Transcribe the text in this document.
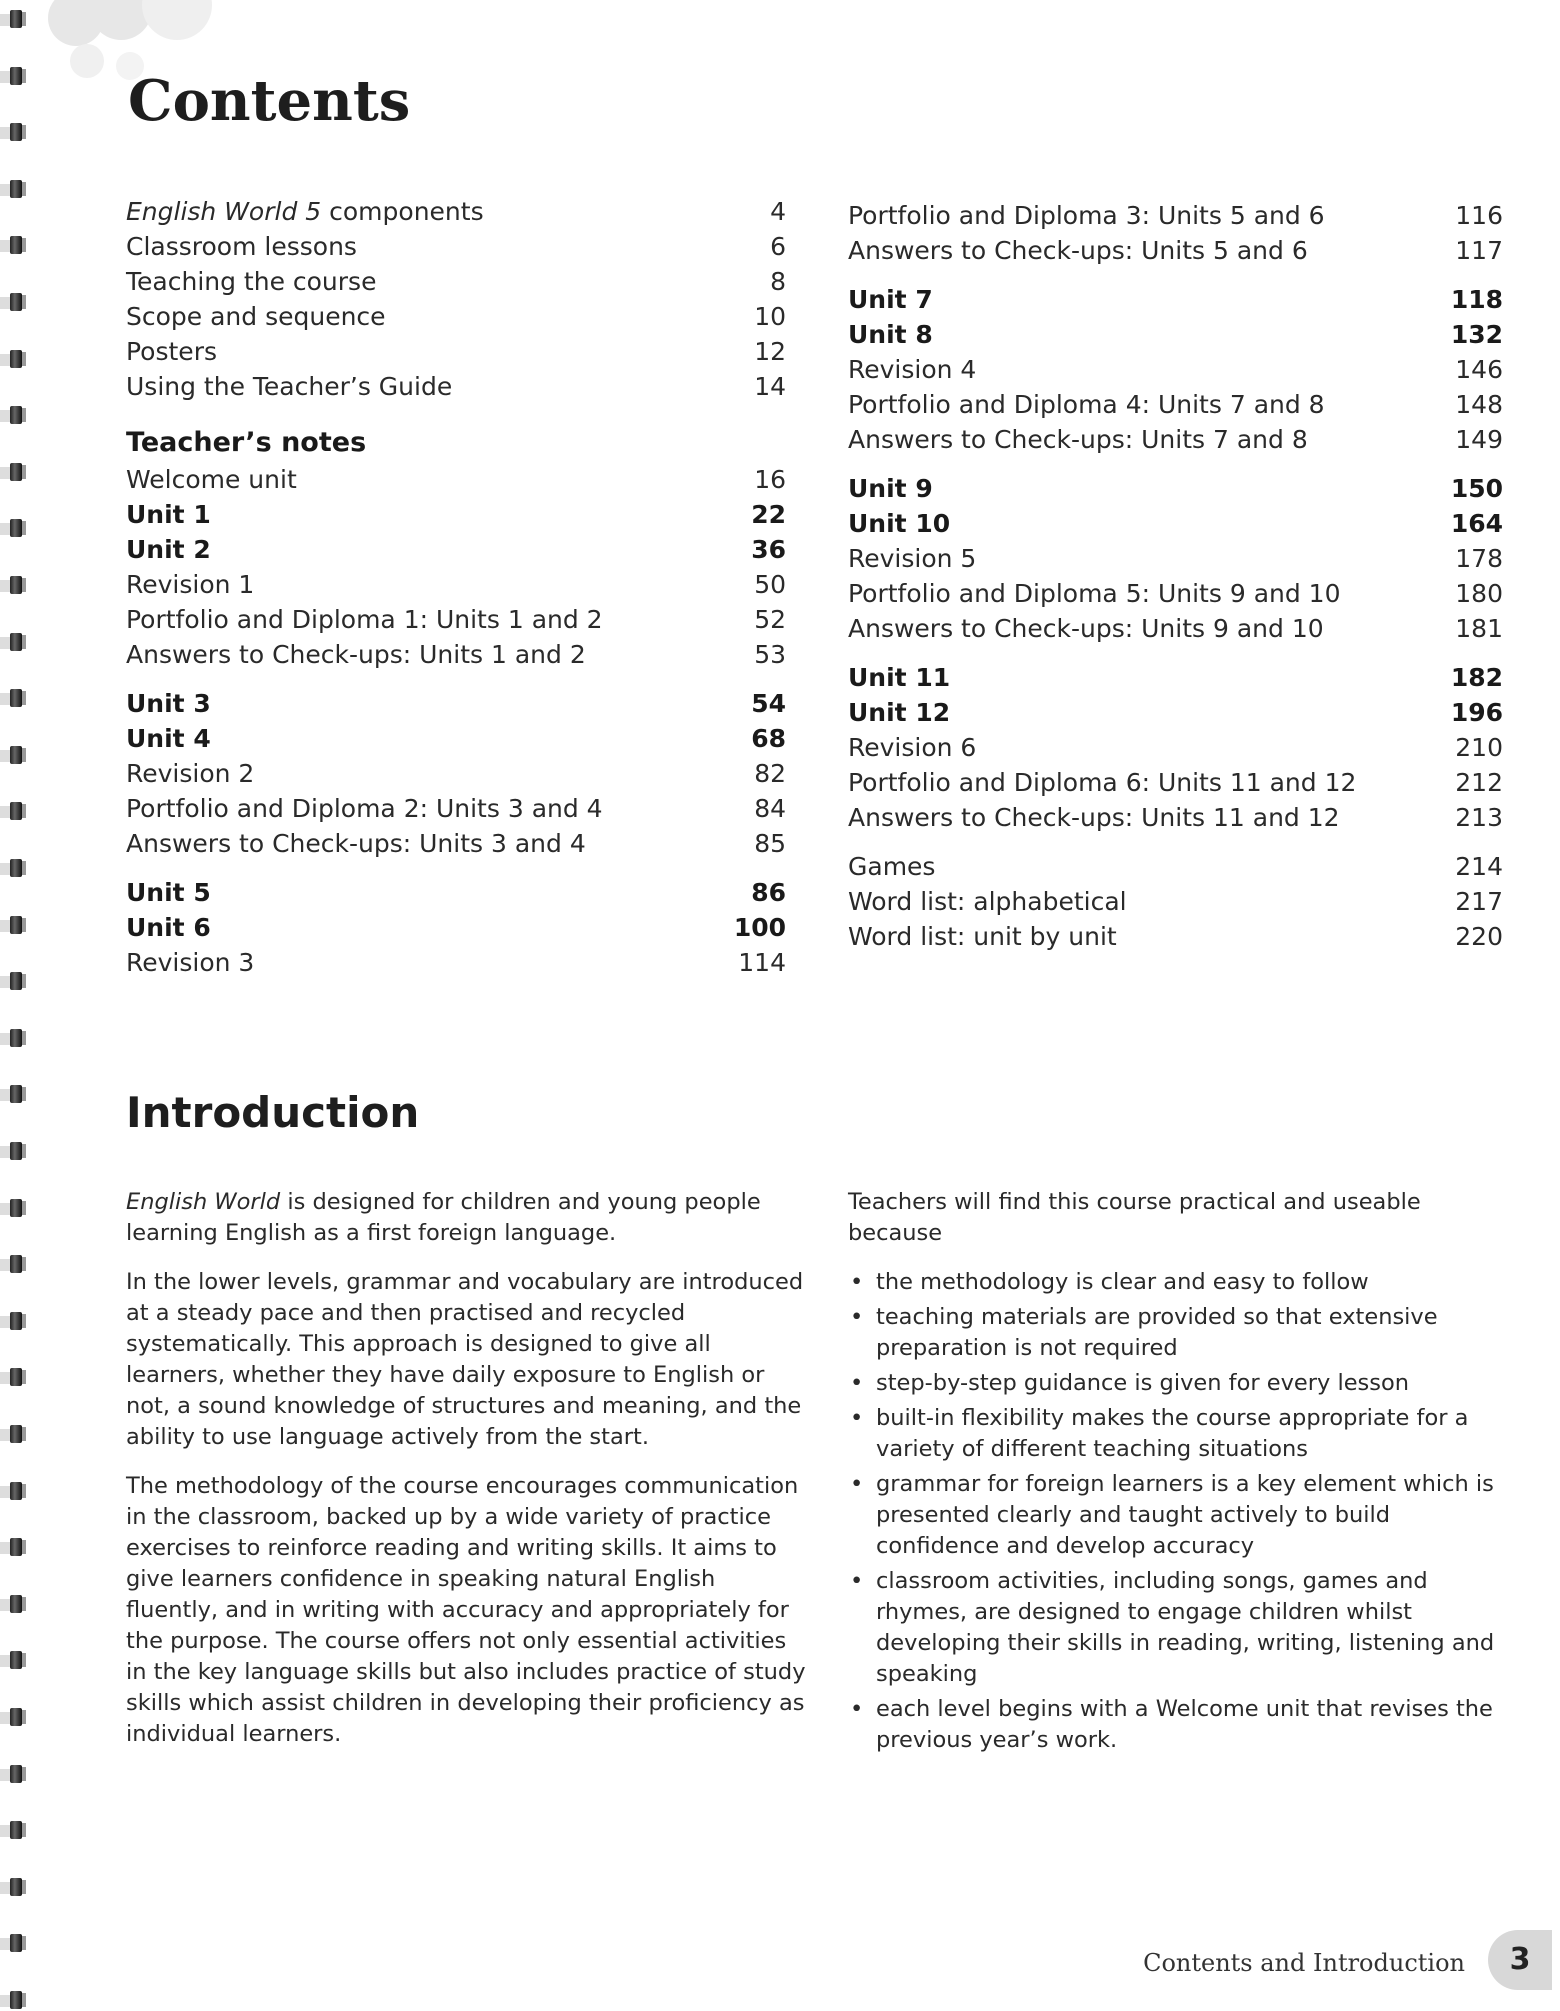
Contents
English World 5 components	4
Classroom lessons	6
Teaching the course	8
Scope and sequence	10
Posters	12
Using the Teacher’s Guide	14
Teacher’s notes
Welcome unit	16
Unit 1	22
Unit 2	36
Revision 1	50
Portfolio and Diploma 1: Units 1 and 2	52
Answers to Check-ups: Units 1 and 2	53
Unit 3	54
Unit 4	68
Revision 2	82
Portfolio and Diploma 2: Units 3 and 4	84
Answers to Check-ups: Units 3 and 4	85
Unit 5	86
Unit 6	100
Revision 3	114
Portfolio and Diploma 3: Units 5 and 6	116
Answers to Check-ups: Units 5 and 6	117
Unit 7	118
Unit 8	132
Revision 4	146
Portfolio and Diploma 4: Units 7 and 8	148
Answers to Check-ups: Units 7 and 8	149
Unit 9	150
Unit 10	164
Revision 5	178
Portfolio and Diploma 5: Units 9 and 10	180
Answers to Check-ups: Units 9 and 10	181
Unit 11	182
Unit 12	196
Revision 6	210
Portfolio and Diploma 6: Units 11 and 12	212
Answers to Check-ups: Units 11 and 12	213
Games	214
Word list: alphabetical	217
Word list: unit by unit	220
Introduction

English World is designed for children and young people learning English as a first foreign language.

In the lower levels, grammar and vocabulary are introduced at a steady pace and then practised and recycled systematically. This approach is designed to give all learners, whether they have daily exposure to English or not, a sound knowledge of structures and meaning, and the ability to use language actively from the start.

The methodology of the course encourages communication in the classroom, backed up by a wide variety of practice exercises to reinforce reading and writing skills. It aims to give learners confidence in speaking natural English fluently, and in writing with accuracy and appropriately for the purpose. The course offers not only essential activities in the key language skills but also includes practice of study skills which assist children in developing their proficiency as individual learners.

Teachers will find this course practical and useable because

• the methodology is clear and easy to follow
• teaching materials are provided so that extensive preparation is not required
• step-by-step guidance is given for every lesson
• built-in flexibility makes the course appropriate for a variety of different teaching situations
• grammar for foreign learners is a key element which is presented clearly and taught actively to build confidence and develop accuracy
• classroom activities, including songs, games and rhymes, are designed to engage children whilst developing their skills in reading, writing, listening and speaking
• each level begins with a Welcome unit that revises the previous year’s work.
Contents and Introduction	3
